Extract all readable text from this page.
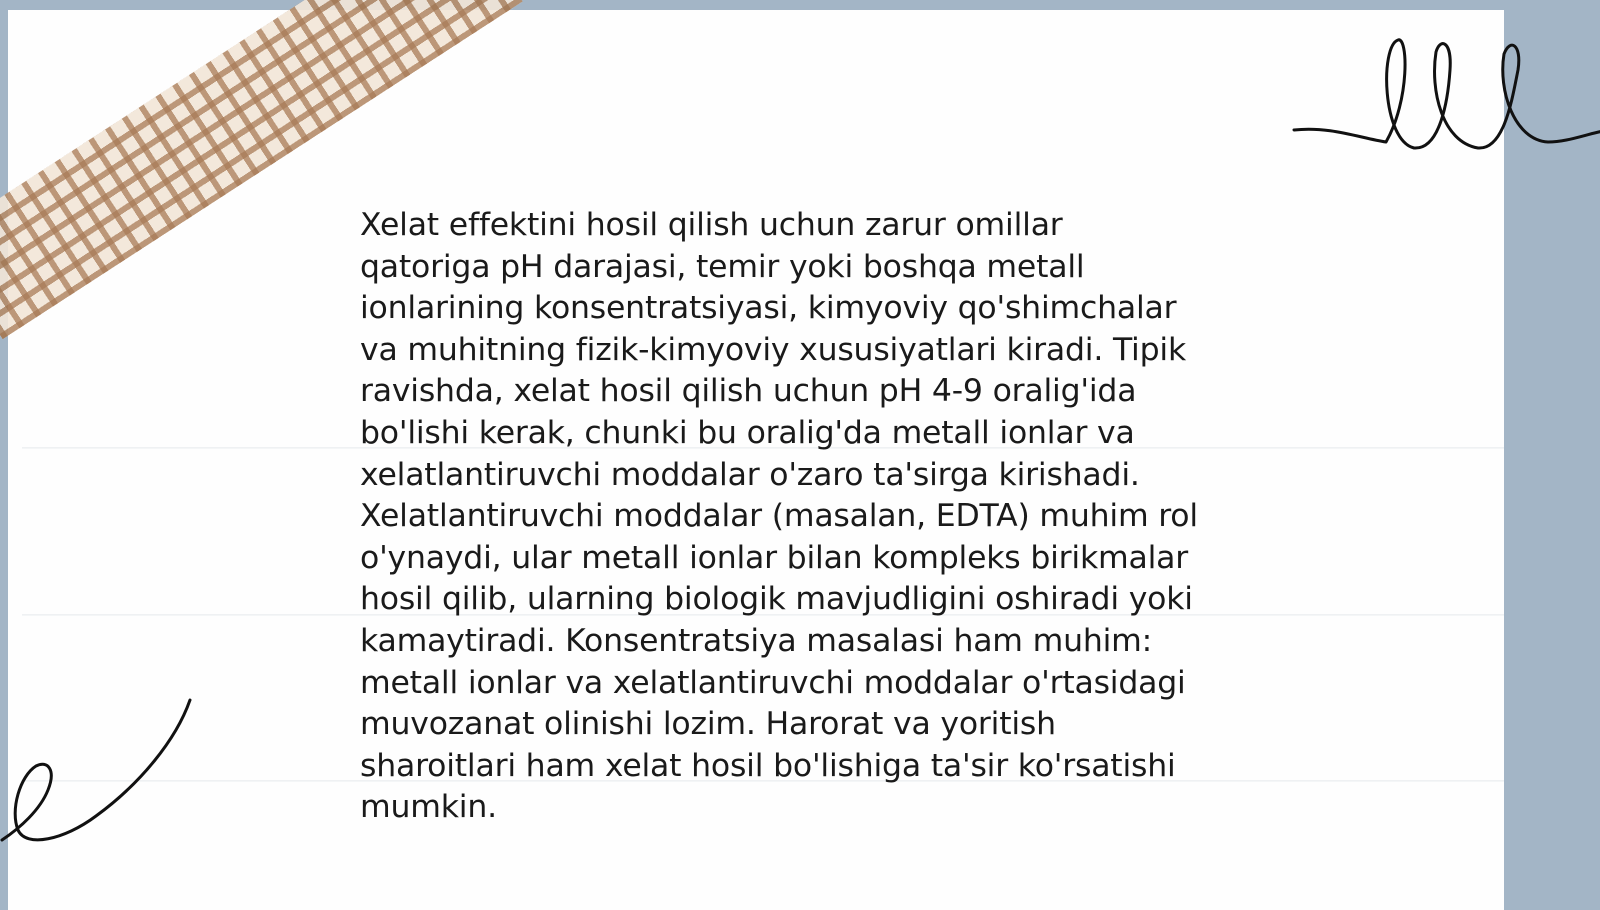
Xelat effektini hosil qilish uchun zarur omillar
qatoriga pH darajasi, temir yoki boshqa metall
ionlarining konsentratsiyasi, kimyoviy qo'shimchalar
va muhitning fizik-kimyoviy xususiyatlari kiradi. Tipik
ravishda, xelat hosil qilish uchun pH 4-9 oralig'ida
bo'lishi kerak, chunki bu oralig'da metall ionlar va
xelatlantiruvchi moddalar o'zaro ta'sirga kirishadi.
Xelatlantiruvchi moddalar (masalan, EDTA) muhim rol
o'ynaydi, ular metall ionlar bilan kompleks birikmalar
hosil qilib, ularning biologik mavjudligini oshiradi yoki
kamaytiradi. Konsentratsiya masalasi ham muhim:
metall ionlar va xelatlantiruvchi moddalar o'rtasidagi
muvozanat olinishi lozim. Harorat va yoritish
sharoitlari ham xelat hosil bo'lishiga ta'sir ko'rsatishi
mumkin.
